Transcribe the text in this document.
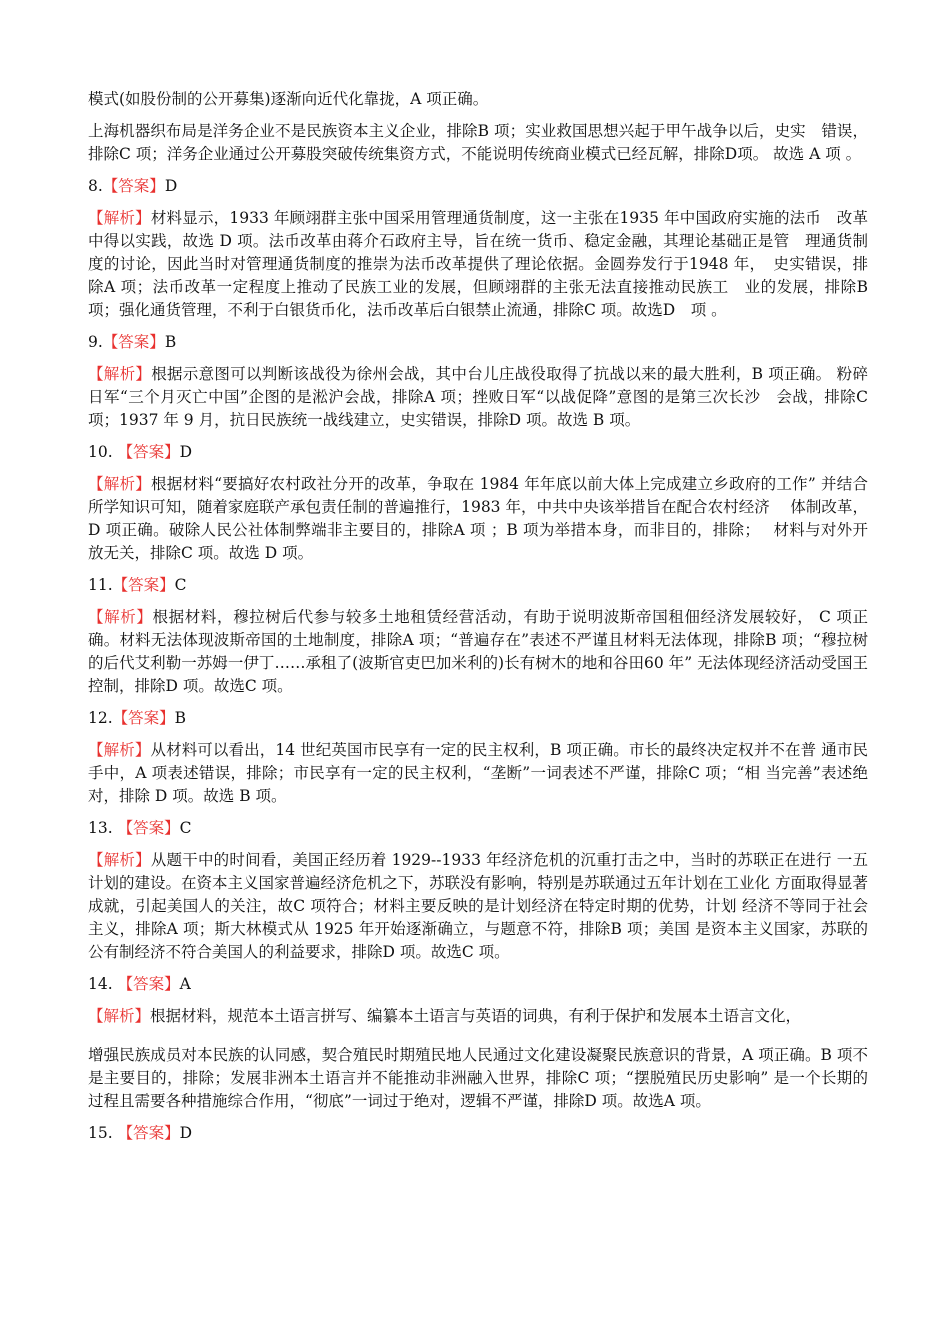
模式(如股份制的公开募集)逐渐向近代化靠拢，A 项正确。

上海机器织布局是洋务企业不是民族资本主义企业，排除B 项；实业救国思想兴起于甲午战争以后，史实　错误，排除C 项；洋务企业通过公开募股突破传统集资方式，不能说明传统商业模式已经瓦解，排除D项。 故选 A 项 。

8.【答案】D

【解析】材料显示，1933 年顾翊群主张中国采用管理通货制度，这一主张在1935 年中国政府实施的法币　改革中得以实践，故选 D 项。法币改革由蒋介石政府主导，旨在统一货币、稳定金融，其理论基础正是管　理通货制度的讨论，因此当时对管理通货制度的推崇为法币改革提供了理论依据。金圆券发行于1948 年，　史实错误，排除A 项；法币改革一定程度上推动了民族工业的发展，但顾翊群的主张无法直接推动民族工　业的发展，排除B 项；强化通货管理，不利于白银货币化，法币改革后白银禁止流通，排除C 项。故选D　项 。

9.【答案】B

【解析】根据示意图可以判断该战役为徐州会战，其中台儿庄战役取得了抗战以来的最大胜利，B 项正确。 粉碎日军“三个月灭亡中国”企图的是淞沪会战，排除A 项；挫败日军“以战促降”意图的是第三次长沙　会战，排除C 项；1937 年 9 月，抗日民族统一战线建立，史实错误，排除D 项。故选 B 项。

10. 【答案】D

【解析】根据材料“要搞好农村政社分开的改革，争取在 1984 年年底以前大体上完成建立乡政府的工作” 并结合所学知识可知，随着家庭联产承包责任制的普遍推行，1983 年，中共中央该举措旨在配合农村经济　 体制改革，D 项正确。破除人民公社体制弊端非主要目的，排除A 项 ；B 项为举措本身，而非目的，排除；　 材料与对外开放无关，排除C 项。故选 D 项。

11.【答案】C

【解析】根据材料，穆拉树后代参与较多土地租赁经营活动，有助于说明波斯帝国租佃经济发展较好， C 项正确。材料无法体现波斯帝国的土地制度，排除A 项；“普遍存在”表述不严谨且材料无法体现，排除B 项；“穆拉树的后代艾利勒一苏姆一伊丁……承租了(波斯官吏巴加米利的)长有树木的地和谷田60 年” 无法体现经济活动受国王控制，排除D 项。故选C 项。

12.【答案】B

【解析】从材料可以看出，14 世纪英国市民享有一定的民主权利，B 项正确。市长的最终决定权并不在普 通市民手中，A 项表述错误，排除；市民享有一定的民主权利，“垄断”一词表述不严谨，排除C 项；“相 当完善”表述绝对，排除 D 项。故选 B 项。

13. 【答案】C

【解析】从题干中的时间看，美国正经历着 1929--1933 年经济危机的沉重打击之中，当时的苏联正在进行 一五计划的建设。在资本主义国家普遍经济危机之下，苏联没有影响，特别是苏联通过五年计划在工业化 方面取得显著成就，引起美国人的关注，故C 项符合；材料主要反映的是计划经济在特定时期的优势，计划 经济不等同于社会主义，排除A 项；斯大林模式从 1925 年开始逐渐确立，与题意不符，排除B 项；美国 是资本主义国家，苏联的公有制经济不符合美国人的利益要求，排除D 项。故选C 项。

14. 【答案】A

【解析】根据材料，规范本土语言拼写、编纂本土语言与英语的词典，有利于保护和发展本土语言文化，

增强民族成员对本民族的认同感，契合殖民时期殖民地人民通过文化建设凝聚民族意识的背景，A 项正确。B 项不是主要目的，排除；发展非洲本土语言并不能推动非洲融入世界，排除C 项；“摆脱殖民历史影响” 是一个长期的过程且需要各种措施综合作用，“彻底”一词过于绝对，逻辑不严谨，排除D 项。故选A 项。

15. 【答案】D
